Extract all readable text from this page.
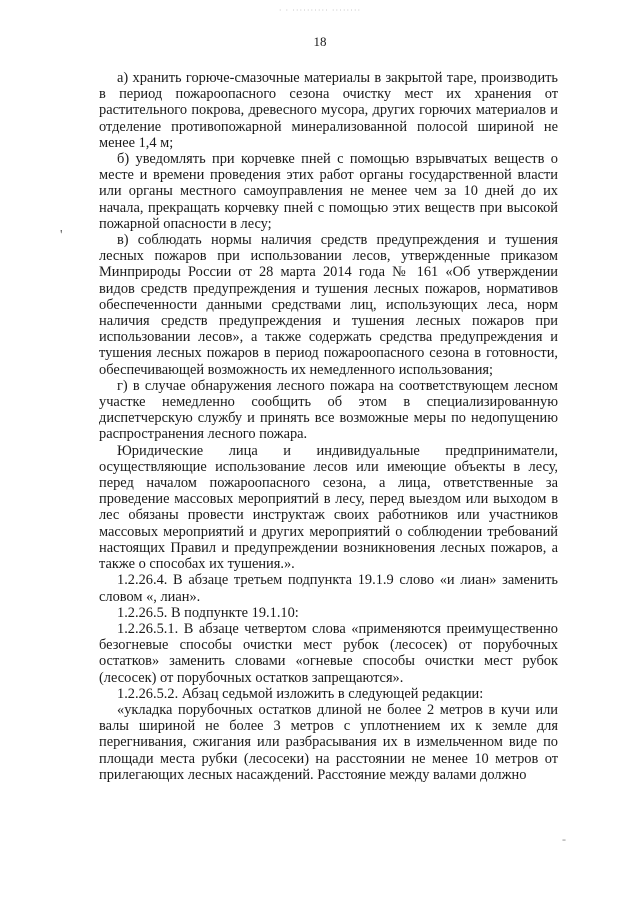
· · ·········· ········
18

а) хранить горюче-смазочные материалы в закрытой таре, производить в период пожароопасного сезона очистку мест их хранения от растительного покрова, древесного мусора, других горючих материалов и отделение противопожарной минерализованной полосой шириной не менее 1,4 м;

б) уведомлять при корчевке пней с помощью взрывчатых веществ о месте и времени проведения этих работ органы государственной власти или органы местного самоуправления не менее чем за 10 дней до их начала, прекращать корчевку пней с помощью этих веществ при высокой пожарной опасности в лесу;

в) соблюдать нормы наличия средств предупреждения и тушения лесных пожаров при использовании лесов, утвержденные приказом Минприроды России от 28 марта 2014 года № 161 «Об утверждении видов средств предупреждения и тушения лесных пожаров, нормативов обеспеченности данными средствами лиц, использующих леса, норм наличия средств предупреждения и тушения лесных пожаров при использовании лесов», а также содержать средства предупреждения и тушения лесных пожаров в период пожароопасного сезона в готовности, обеспечивающей возможность их немедленного использования;

г) в случае обнаружения лесного пожара на соответствующем лесном участке немедленно сообщить об этом в специализированную диспетчерскую службу и принять все возможные меры по недопущению распространения лесного пожара.

Юридические лица и индивидуальные предприниматели, осуществляющие использование лесов или имеющие объекты в лесу, перед началом пожароопасного сезона, а лица, ответственные за проведение массовых мероприятий в лесу, перед выездом или выходом в лес обязаны провести инструктаж своих работников или участников массовых мероприятий и других мероприятий о соблюдении требований настоящих Правил и предупреждении возникновения лесных пожаров, а также о способах их тушения.».

1.2.26.4. В абзаце третьем подпункта 19.1.9 слово «и лиан» заменить словом «, лиан».

1.2.26.5. В подпункте 19.1.10:

1.2.26.5.1. В абзаце четвертом слова «применяются преимущественно безогневые способы очистки мест рубок (лесосек) от порубочных остатков» заменить словами «огневые способы очистки мест рубок (лесосек) от порубочных остатков запрещаются».

1.2.26.5.2. Абзац седьмой изложить в следующей редакции:

«укладка порубочных остатков длиной не более 2 метров в кучи или валы шириной не более 3 метров с уплотнением их к земле для перегнивания, сжигания или разбрасывания их в измельченном виде по площади места рубки (лесосеки) на расстоянии не менее 10 метров от прилегающих лесных насаждений. Расстояние между валами должно

'
-
